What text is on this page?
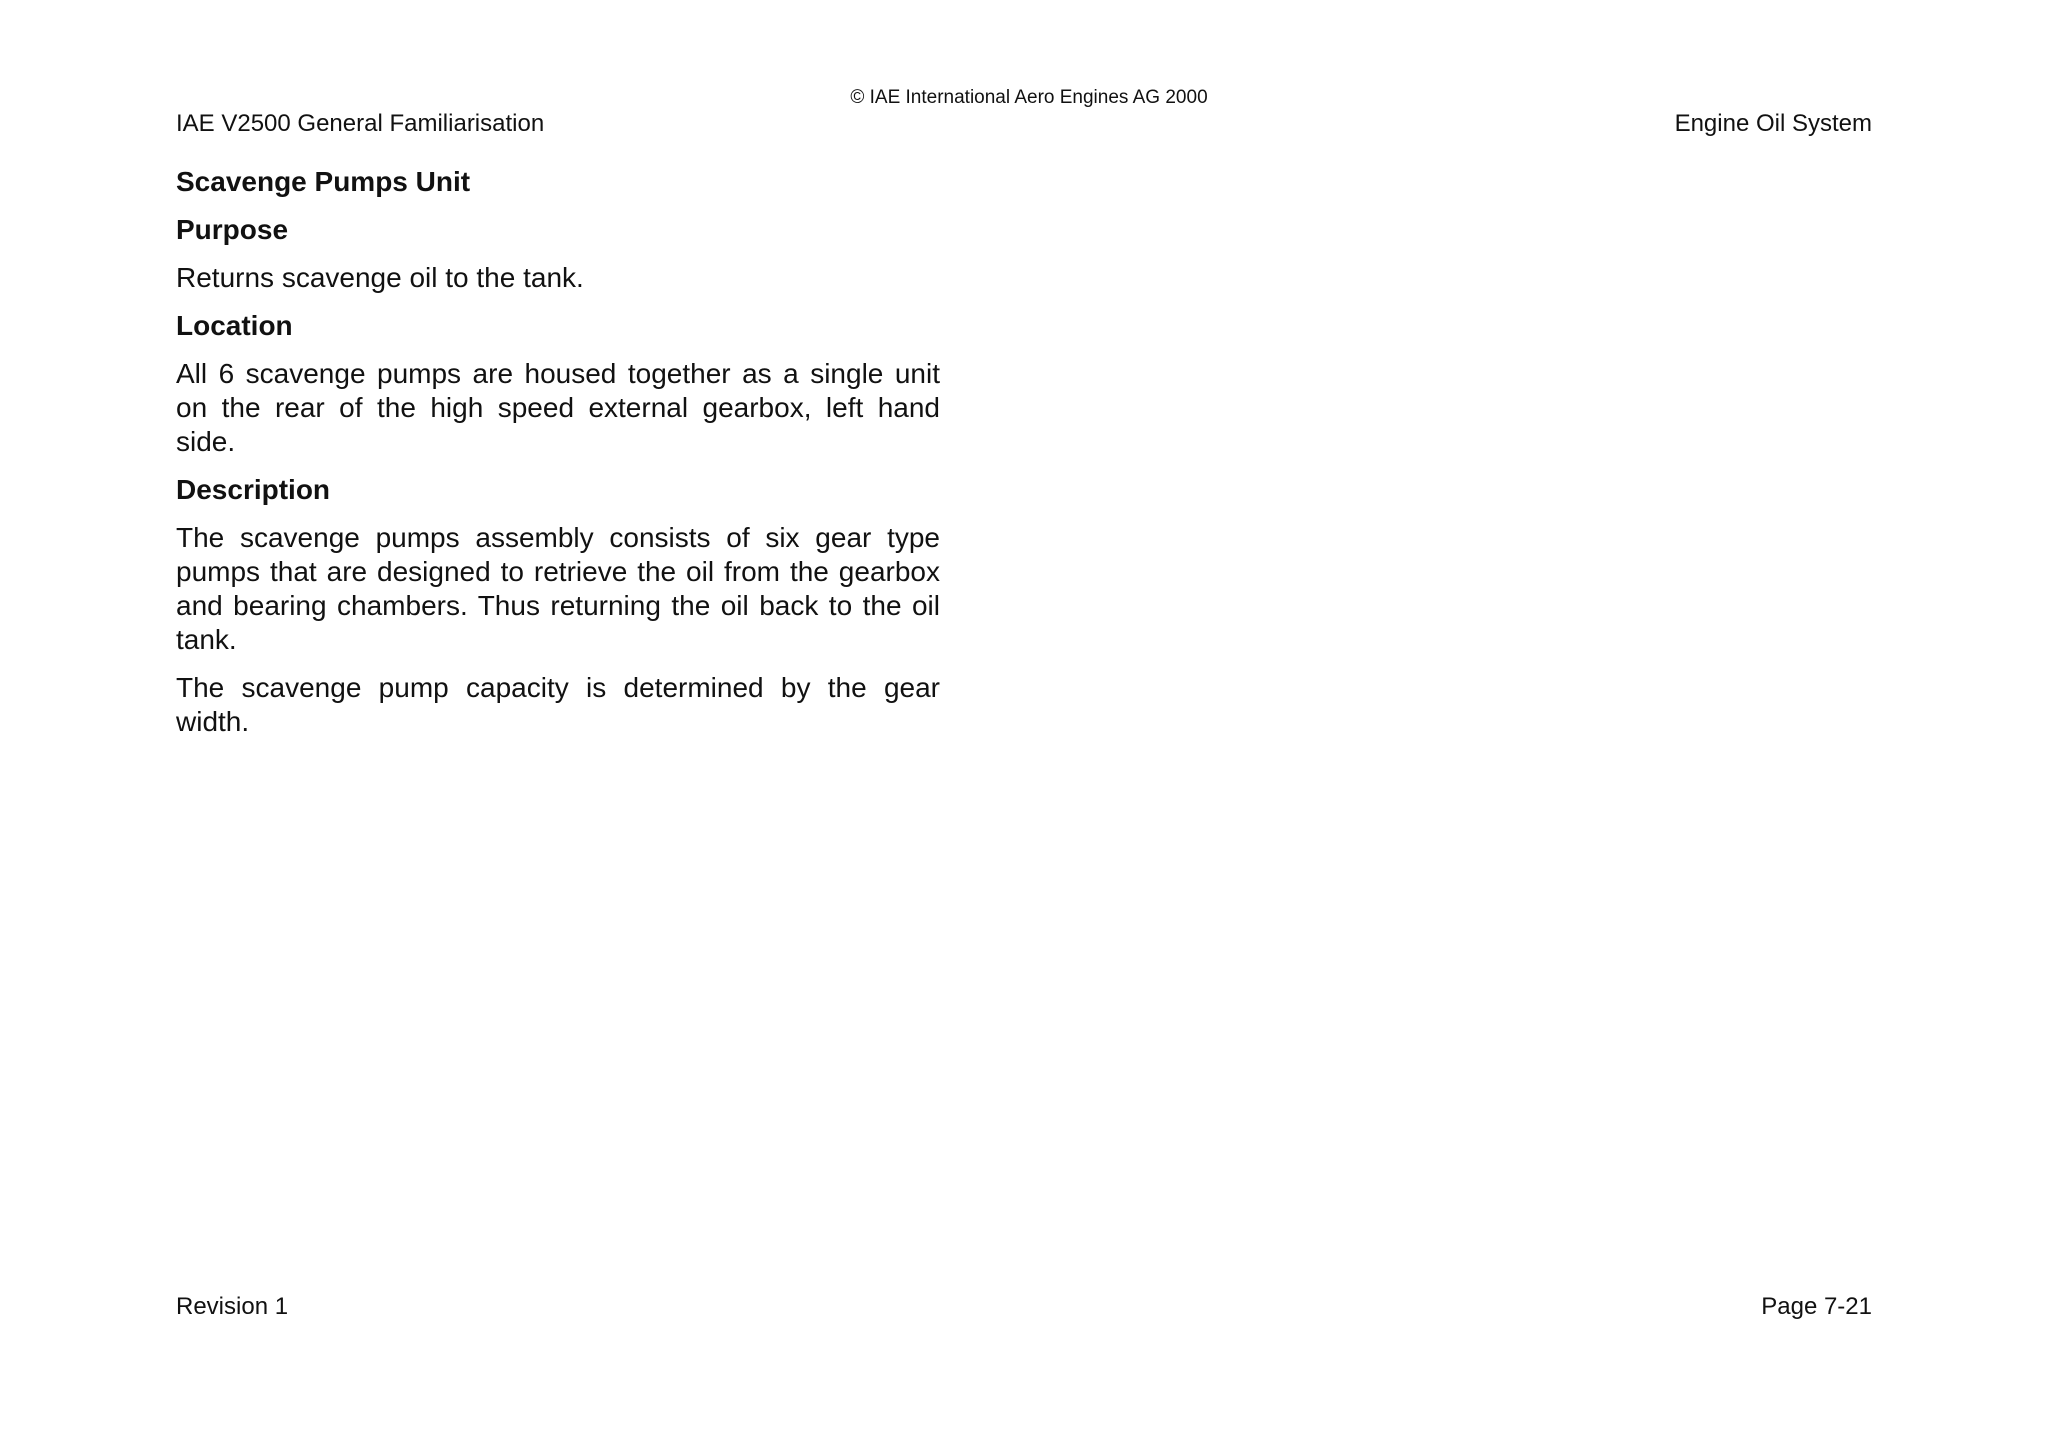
© IAE International Aero Engines AG 2000
IAE V2500 General Familiarisation	Engine Oil System
Scavenge Pumps Unit
Purpose
Returns scavenge oil to the tank.
Location
All 6 scavenge pumps are housed together as a single unit on the rear of the high speed external gearbox, left hand side.
Description
The scavenge pumps assembly consists of six gear type pumps that are designed to retrieve the oil from the gearbox and bearing chambers. Thus returning the oil back to the oil tank.
The scavenge pump capacity is determined by the gear width.
Revision 1	Page 7-21
